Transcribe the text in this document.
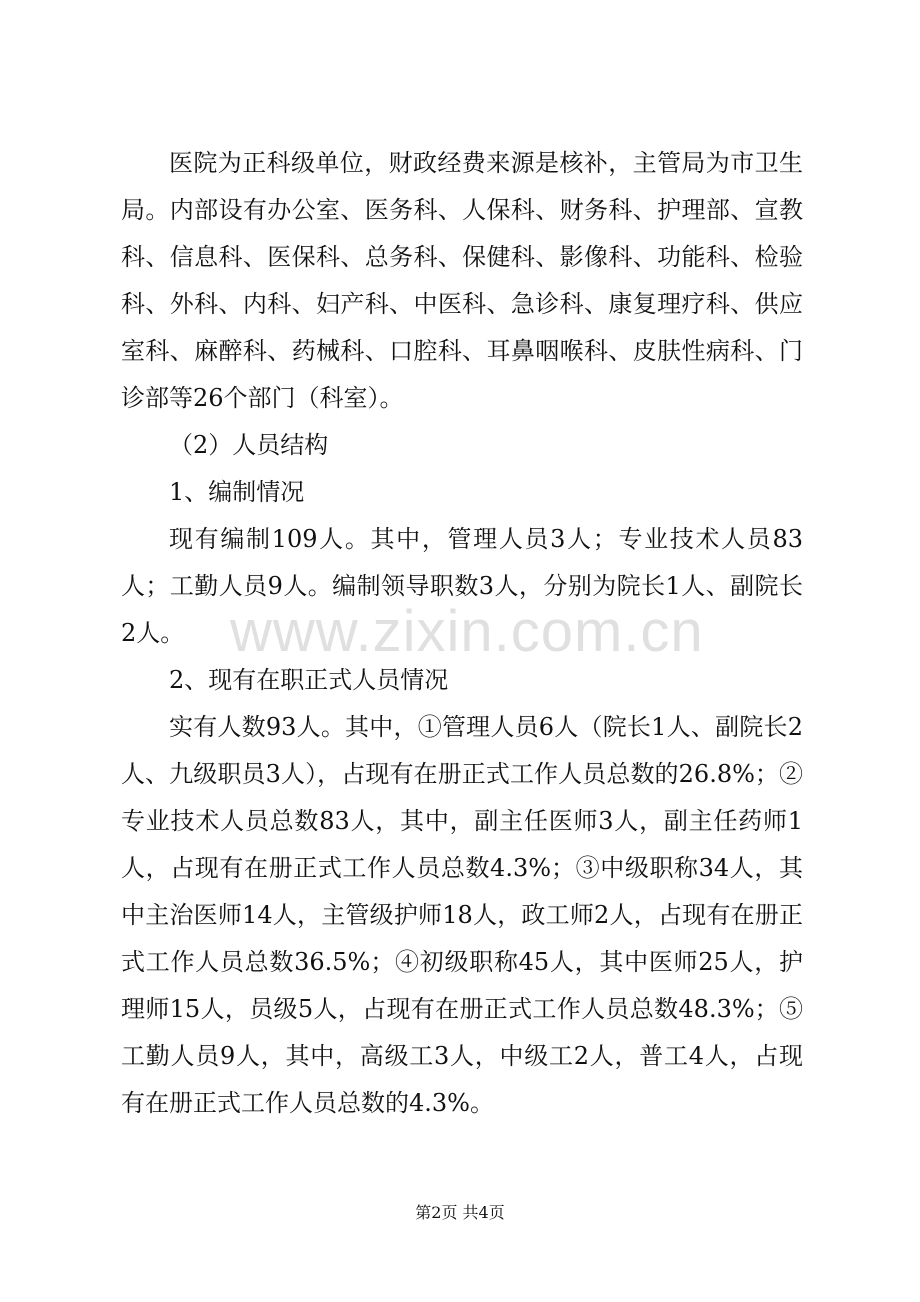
医院为正科级单位，财政经费来源是核补，主管局为市卫生局。内部设有办公室、医务科、人保科、财务科、护理部、宣教科、信息科、医保科、总务科、保健科、影像科、功能科、检验科、外科、内科、妇产科、中医科、急诊科、康复理疗科、供应室科、麻醉科、药械科、口腔科、耳鼻咽喉科、皮肤性病科、门诊部等26个部门（科室）。

（2）人员结构

1、编制情况

现有编制109人。其中，管理人员3人；专业技术人员83人；工勤人员9人。编制领导职数3人，分别为院长1人、副院长2人。

2、现有在职正式人员情况

实有人数93人。其中，①管理人员6人（院长1人、副院长2人、九级职员3人），占现有在册正式工作人员总数的26.8%；②专业技术人员总数83人，其中，副主任医师3人，副主任药师1人，占现有在册正式工作人员总数4.3%；③中级职称34人，其中主治医师14人，主管级护师18人，政工师2人，占现有在册正式工作人员总数36.5%；④初级职称45人，其中医师25人，护理师15人，员级5人，占现有在册正式工作人员总数48.3%；⑤工勤人员9人，其中，高级工3人，中级工2人，普工4人，占现有在册正式工作人员总数的4.3%。

www.zixin.com.cn
第2页 共4页
